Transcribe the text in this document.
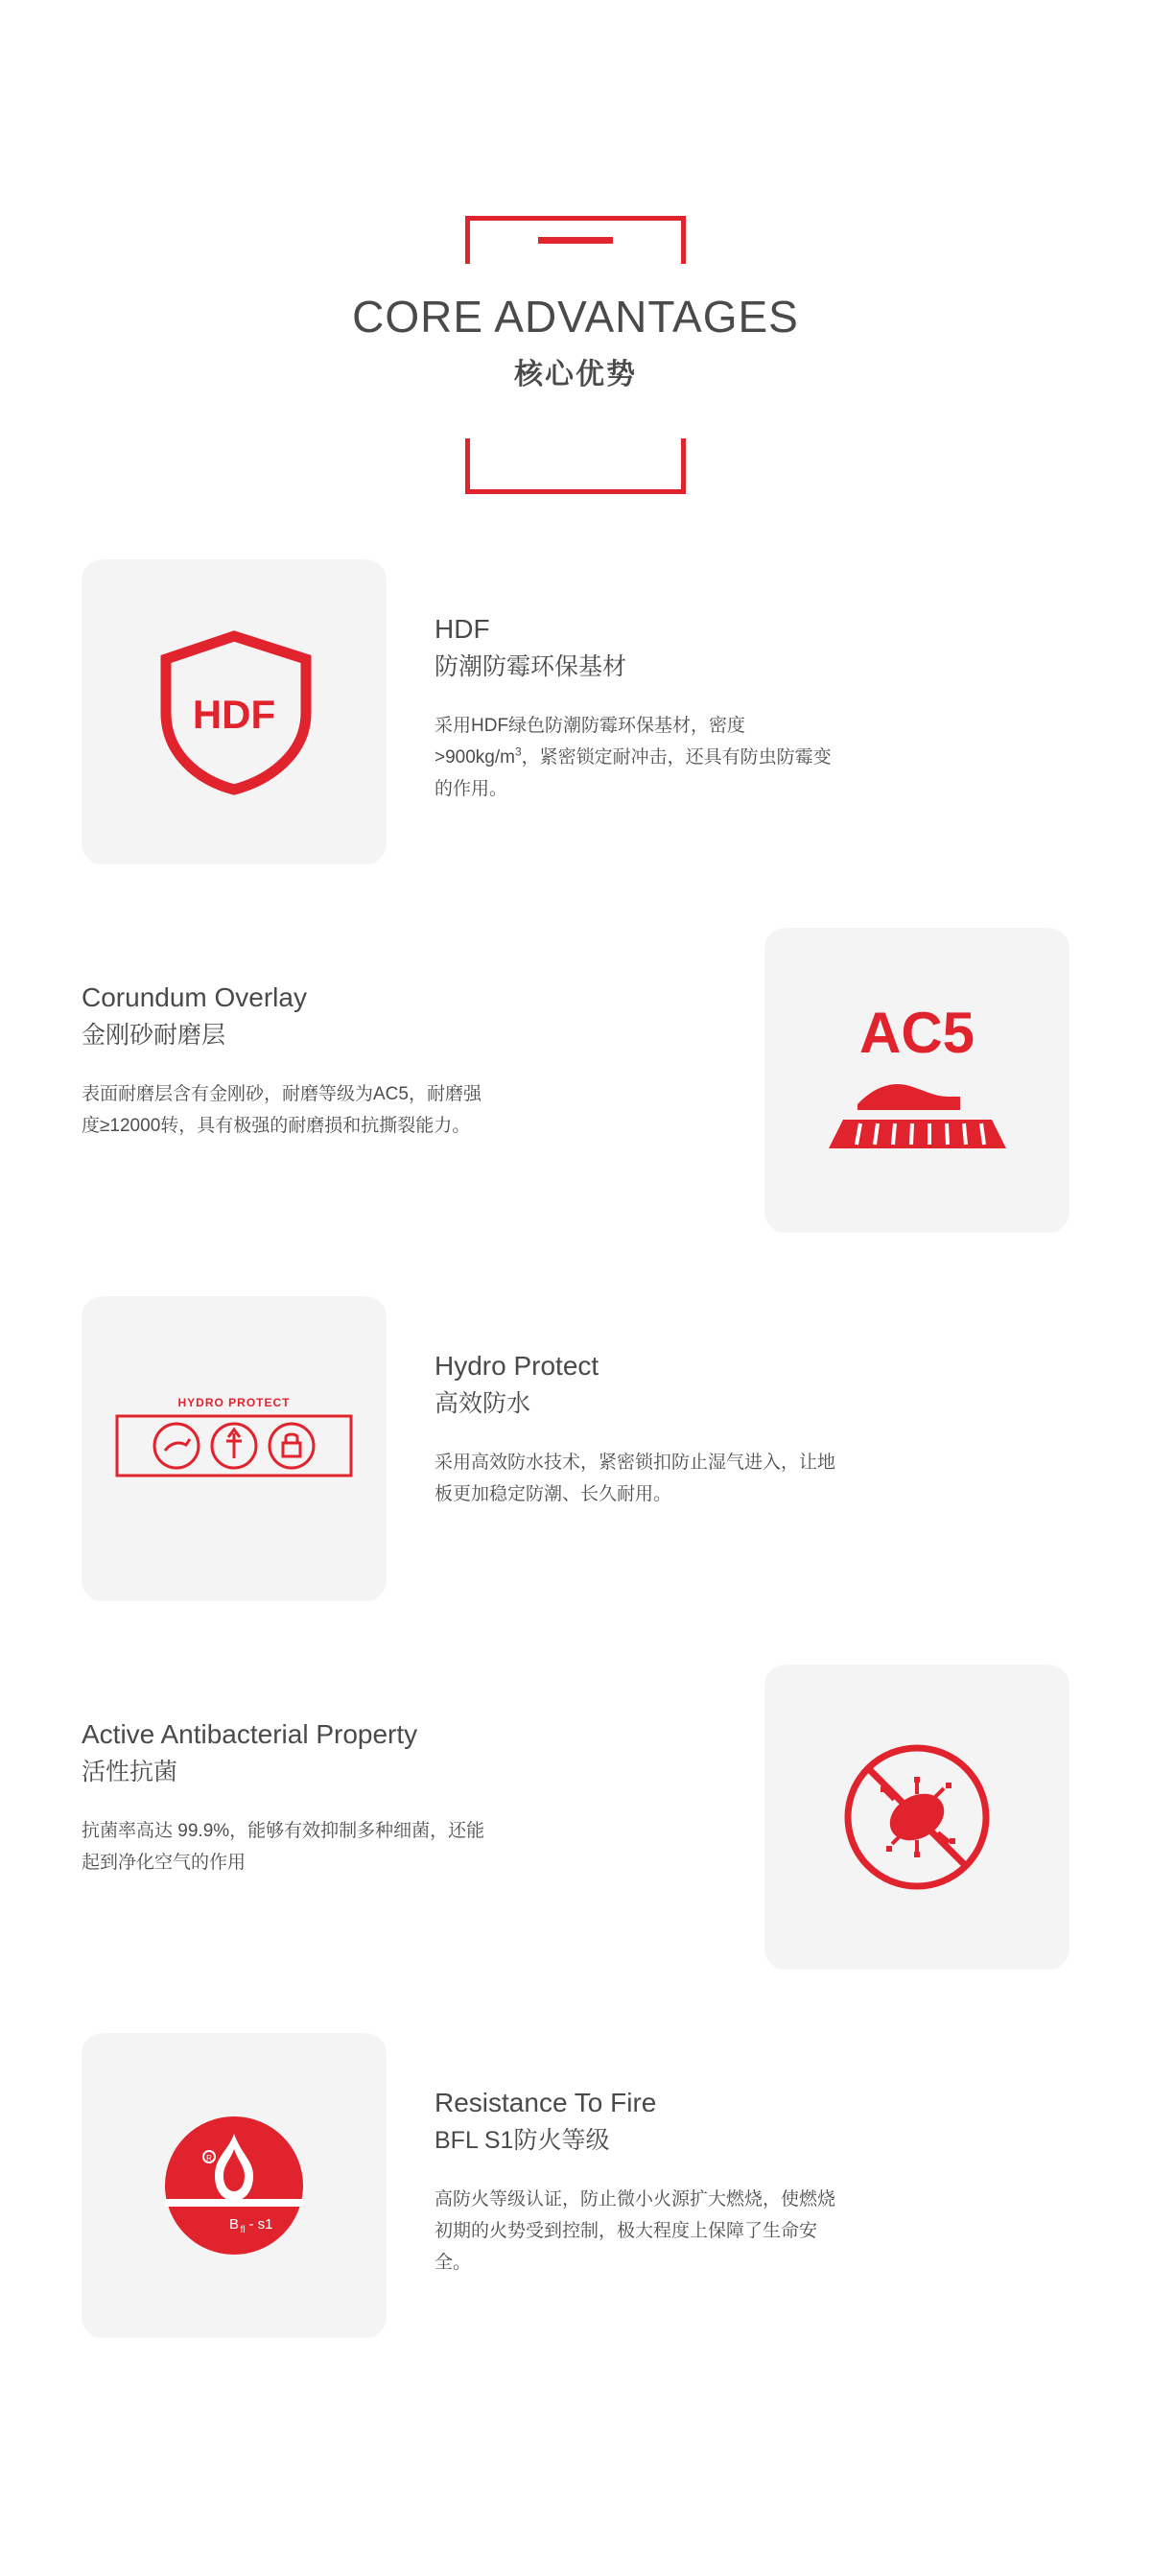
CORE ADVANTAGES
核心优势
HDF
HDF
防潮防霉环保基材
采用HDF绿色防潮防霉环保基材，密度$>900kg/m^3$，紧密锁定耐冲击，还具有防虫防霉变的作用。
AC5
Corundum Overlay
金刚砂耐磨层
表面耐磨层含有金刚砂，耐磨等级为AC5，耐磨强度≥12000转，具有极强的耐磨损和抗撕裂能力。
HYDRO PROTECT
Hydro Protect
高效防水
采用高效防水技术，紧密锁扣防止湿气进入，让地板更加稳定防潮、长久耐用。
Active Antibacterial Property
活性抗菌
抗菌率高达 99.9%，能够有效抑制多种细菌，还能起到净化空气的作用
B fl - s1
R
Resistance To Fire
BFL S1防火等级
高防火等级认证，防止微小火源扩大燃烧，使燃烧初期的火势受到控制，极大程度上保障了生命安全。
